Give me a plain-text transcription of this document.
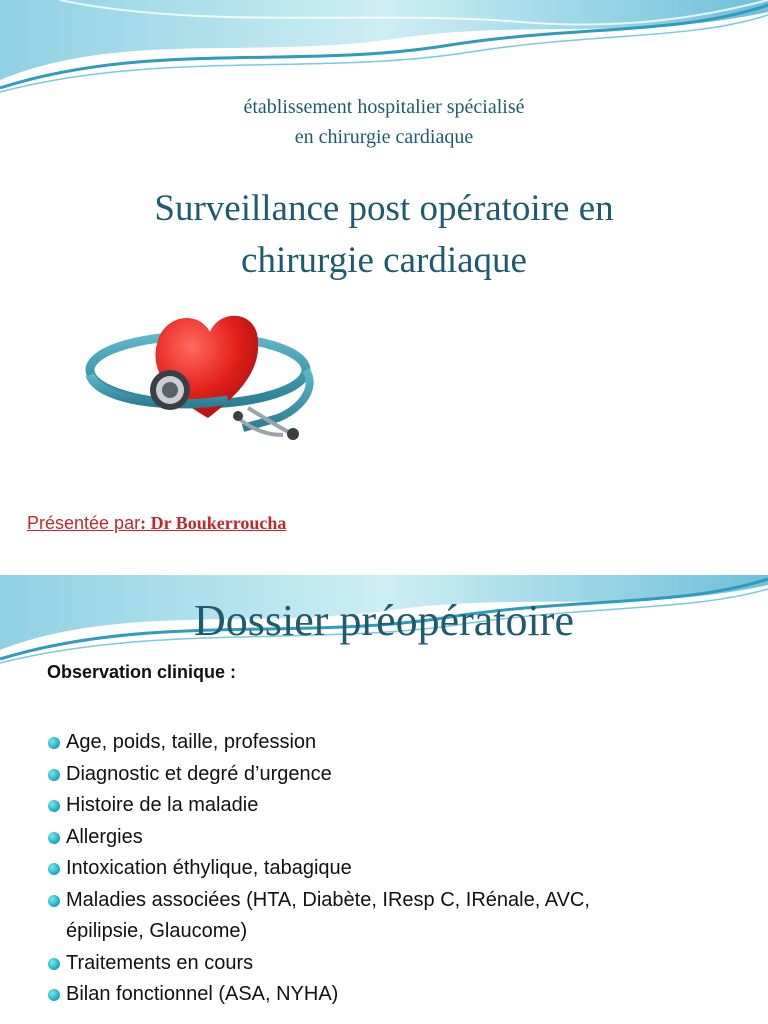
établissement hospitalier spécialisé
en chirurgie cardiaque
Surveillance post opératoire en
chirurgie cardiaque
Présentée par: Dr Boukerroucha
Dossier préopératoire
Observation clinique :
Age, poids, taille, profession
Diagnostic et degré d’urgence
Histoire de la maladie
Allergies
Intoxication éthylique, tabagique
Maladies associées (HTA, Diabète, IResp C, IRénale, AVC,
épilipsie, Glaucome)
Traitements en cours
Bilan fonctionnel (ASA, NYHA)
